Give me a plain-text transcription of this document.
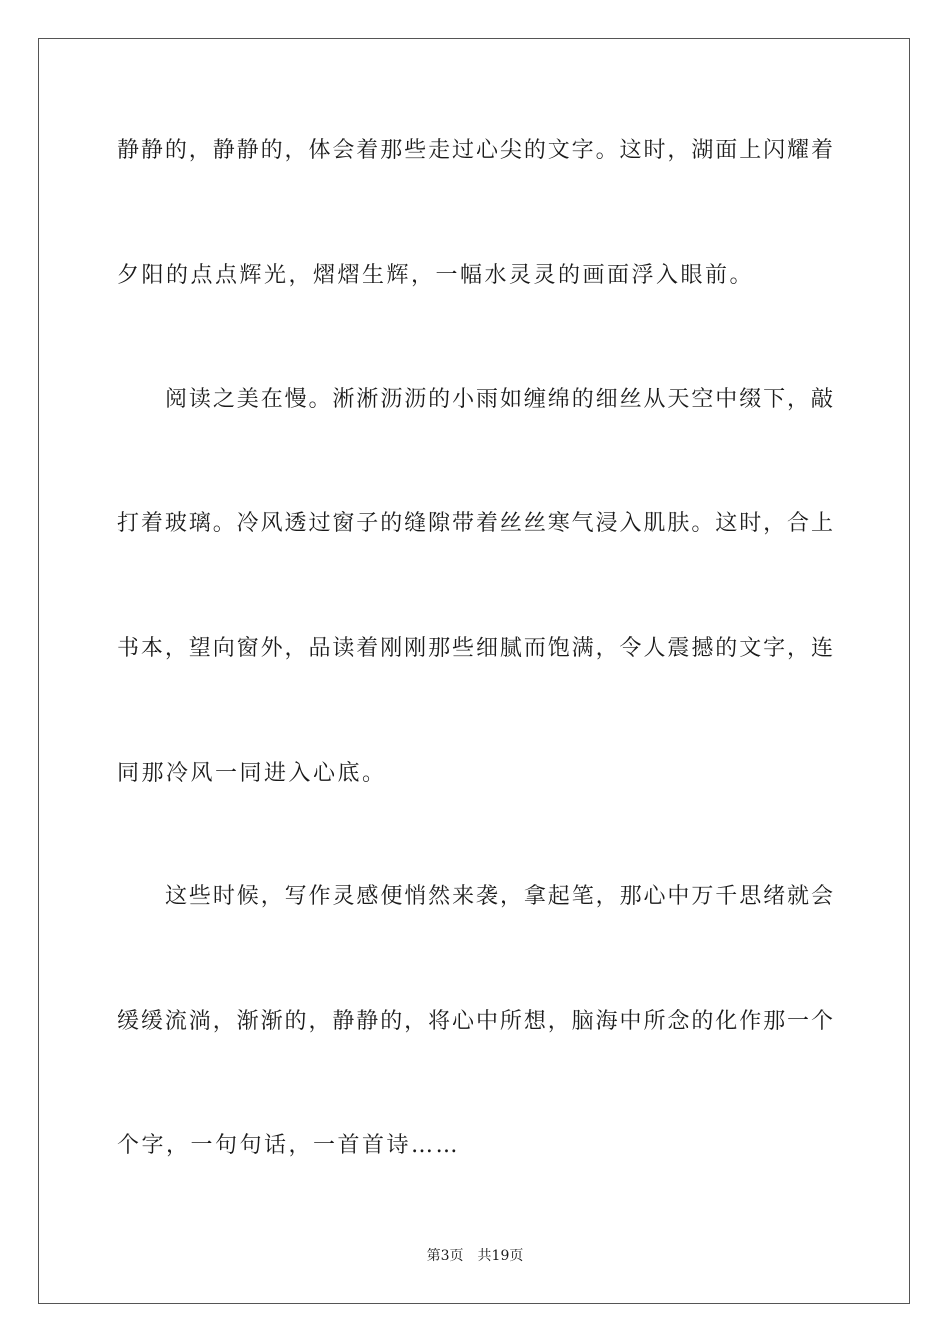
静静的，静静的，体会着那些走过心尖的文字。这时，湖面上闪耀着
夕阳的点点辉光，熠熠生辉，一幅水灵灵的画面浮入眼前。
阅读之美在慢。淅淅沥沥的小雨如缠绵的细丝从天空中缀下，敲
打着玻璃。冷风透过窗子的缝隙带着丝丝寒气浸入肌肤。这时，合上
书本，望向窗外，品读着刚刚那些细腻而饱满，令人震撼的文字，连
同那冷风一同进入心底。
这些时候，写作灵感便悄然来袭，拿起笔，那心中万千思绪就会
缓缓流淌，渐渐的，静静的，将心中所想，脑海中所念的化作那一个
个字，一句句话，一首首诗……
第3页 共19页
